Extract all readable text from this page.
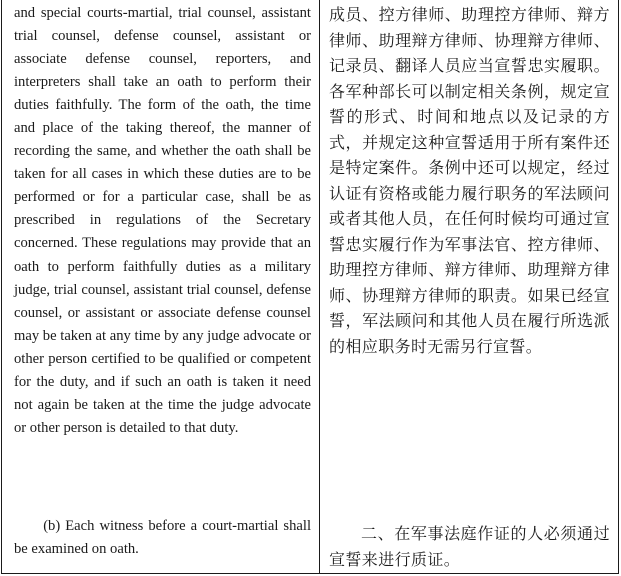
and special courts-martial, trial counsel, assistant trial counsel, defense counsel, assistant or associate defense counsel, reporters, and interpreters shall take an oath to perform their duties faithfully. The form of the oath, the time and place of the taking thereof, the manner of recording the same, and whether the oath shall be taken for all cases in which these duties are to be performed or for a particular case, shall be as prescribed in regulations of the Secretary concerned. These regulations may provide that an oath to perform faithfully duties as a military judge, trial counsel, assistant trial counsel, defense counsel, or assistant or associate defense counsel may be taken at any time by any judge advocate or other person certified to be qualified or competent for the duty, and if such an oath is taken it need not again be taken at the time the judge advocate or other person is detailed to that duty.

(b) Each witness before a court-martial shall be examined on oath.

成员、控方律师、助理控方律师、辩方律师、助理辩方律师、协理辩方律师、记录员、翻译人员应当宣誓忠实履职。各军种部长可以制定相关条例，规定宣誓的形式、时间和地点以及记录的方式，并规定这种宣誓适用于所有案件还是特定案件。条例中还可以规定，经过认证有资格或能力履行职务的军法顾问或者其他人员，在任何时候均可通过宣誓忠实履行作为军事法官、控方律师、助理控方律师、辩方律师、助理辩方律师、协理辩方律师的职责。如果已经宣誓，军法顾问和其他人员在履行所选派的相应职务时无需另行宣誓。

二、在军事法庭作证的人必须通过宣誓来进行质证。
